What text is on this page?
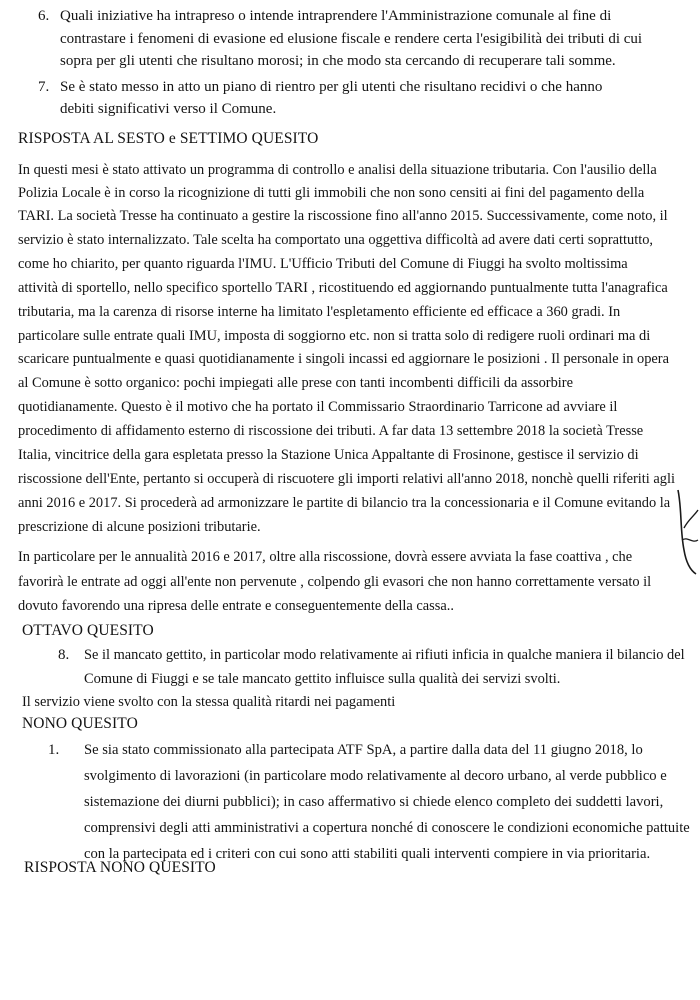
6. Quali iniziative ha intrapreso o intende intraprendere l'Amministrazione comunale al fine di
contrastare i fenomeni di evasione ed elusione fiscale e rendere certa l'esigibilità dei tributi di cui
sopra per gli utenti che risultano morosi; in che modo sta cercando di recuperare tali somme.
7. Se è stato messo in atto un piano di rientro per gli utenti che risultano recidivi o che hanno
debiti significativi verso il Comune.
RISPOSTA AL SESTO e SETTIMO QUESITO
In questi mesi è stato attivato un programma di controllo e analisi della situazione tributaria. Con l'ausilio della
Polizia Locale è in corso la ricognizione di tutti gli immobili che non sono censiti ai fini del pagamento della
TARI. La società Tresse ha continuato a gestire la riscossione fino all'anno 2015. Successivamente, come noto, il
servizio è stato internalizzato. Tale scelta ha comportato una oggettiva difficoltà ad avere dati certi soprattutto,
come ho chiarito, per quanto riguarda l'IMU. L'Ufficio Tributi del Comune di Fiuggi ha svolto moltissima
attività di sportello, nello specifico sportello TARI , ricostituendo ed aggiornando puntualmente tutta l'anagrafica
tributaria, ma la carenza di risorse interne ha limitato l'espletamento efficiente ed efficace a 360 gradi. In
particolare sulle entrate quali IMU, imposta di soggiorno etc. non si tratta solo di redigere ruoli ordinari ma di
scaricare puntualmente e quasi quotidianamente i singoli incassi ed aggiornare le posizioni . Il personale in opera
al Comune è sotto organico: pochi impiegati alle prese con tanti incombenti difficili da assorbire
quotidianamente. Questo è il motivo che ha portato il Commissario Straordinario Tarricone ad avviare il
procedimento di affidamento esterno di riscossione dei tributi. A far data 13 settembre 2018 la società Tresse
Italia, vincitrice della gara espletata presso la Stazione Unica Appaltante di Frosinone, gestisce il servizio di
riscossione dell'Ente, pertanto si occuperà di riscuotere gli importi relativi all'anno 2018, nonchè quelli riferiti agli
anni 2016 e 2017. Si procederà ad armonizzare le partite di bilancio tra la concessionaria e il Comune evitando la
prescrizione di alcune posizioni tributarie.
In particolare per le annualità 2016 e 2017, oltre alla riscossione, dovrà essere avviata la fase coattiva , che
favorirà le entrate ad oggi all'ente non pervenute , colpendo gli evasori che non hanno correttamente versato il
dovuto favorendo una ripresa delle entrate e conseguentemente della cassa..
OTTAVO QUESITO
8. Se il mancato gettito, in particolar modo relativamente ai rifiuti inficia in qualche maniera il bilancio del
Comune di Fiuggi e se tale mancato gettito influisce sulla qualità dei servizi svolti.
Il servizio viene svolto con la stessa qualità ritardi nei pagamenti
NONO QUESITO
1. Se sia stato commissionato alla partecipata ATF SpA, a partire dalla data del 11 giugno 2018, lo
svolgimento di lavorazioni (in particolare modo relativamente al decoro urbano, al verde pubblico e
sistemazione dei diurni pubblici); in caso affermativo si chiede elenco completo dei suddetti lavori,
comprensivi degli atti amministrativi a copertura nonché di conoscere le condizioni economiche pattuite
con la partecipata ed i criteri con cui sono atti stabiliti quali interventi compiere in via prioritaria.
RISPOSTA NONO QUESITO
